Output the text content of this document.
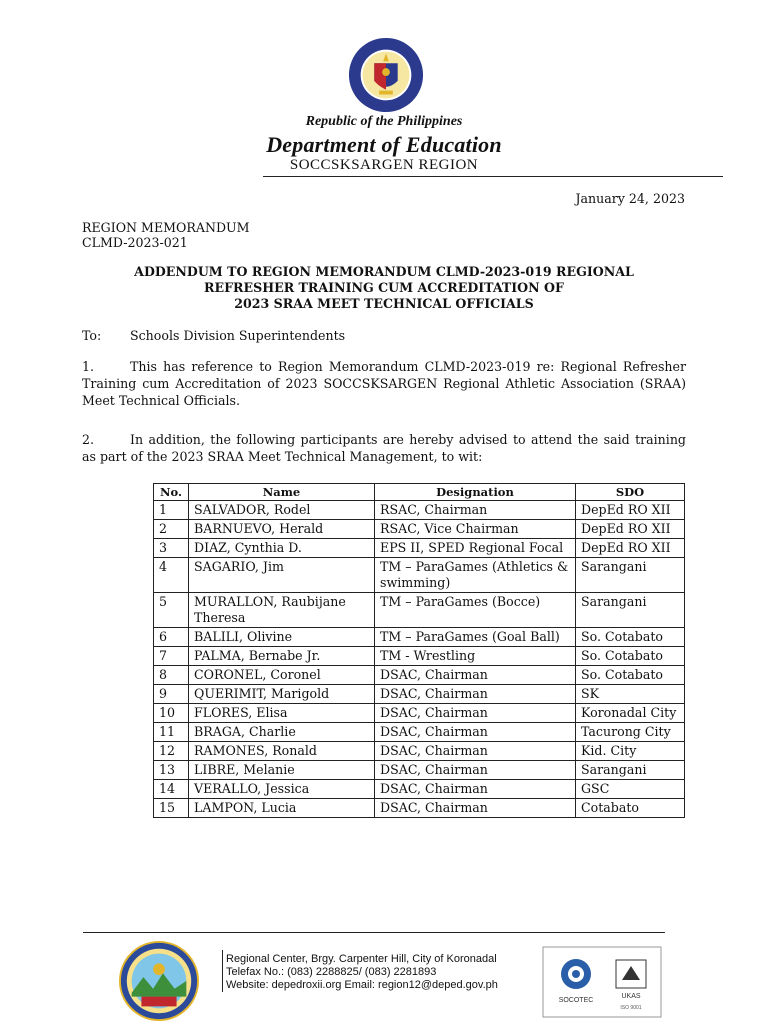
Republic of the Philippines
Department of Education
SOCCSKSARGEN REGION
January 24, 2023
REGION MEMORANDUM
CLMD-2023-021
ADDENDUM TO REGION MEMORANDUM CLMD-2023-019 REGIONAL
REFRESHER TRAINING CUM ACCREDITATION OF
2023 SRAA MEET TECHNICAL OFFICIALS
To: Schools Division Superintendents
1.	This has reference to Region Memorandum CLMD-2023-019 re: Regional Refresher Training cum Accreditation of 2023 SOCCSKSARGEN Regional Athletic Association (SRAA) Meet Technical Officials.
2.	In addition, the following participants are hereby advised to attend the said training as part of the 2023 SRAA Meet Technical Management, to wit:
No.	Name	Designation	SDO
1	SALVADOR, Rodel	RSAC, Chairman	DepEd RO XII
2	BARNUEVO, Herald	RSAC, Vice Chairman	DepEd RO XII
3	DIAZ, Cynthia D.	EPS II, SPED Regional Focal	DepEd RO XII
4	SAGARIO, Jim	TM – ParaGames (Athletics & swimming)	Sarangani
5	MURALLON, Raubijane Theresa	TM – ParaGames (Bocce)	Sarangani
6	BALILI, Olivine	TM – ParaGames (Goal Ball)	So. Cotabato
7	PALMA, Bernabe Jr.	TM - Wrestling	So. Cotabato
8	CORONEL, Coronel	DSAC, Chairman	So. Cotabato
9	QUERIMIT, Marigold	DSAC, Chairman	SK
10	FLORES, Elisa	DSAC, Chairman	Koronadal City
11	BRAGA, Charlie	DSAC, Chairman	Tacurong City
12	RAMONES, Ronald	DSAC, Chairman	Kid. City
13	LIBRE, Melanie	DSAC, Chairman	Sarangani
14	VERALLO, Jessica	DSAC, Chairman	GSC
15	LAMPON, Lucia	DSAC, Chairman	Cotabato
Regional Center, Brgy. Carpenter Hill, City of Koronadal
Telefax No.: (083) 2288825/ (083) 2281893
Website: depedroxii.org Email: region12@deped.gov.ph
SOCOTEC
UKAS
ISO 9001
